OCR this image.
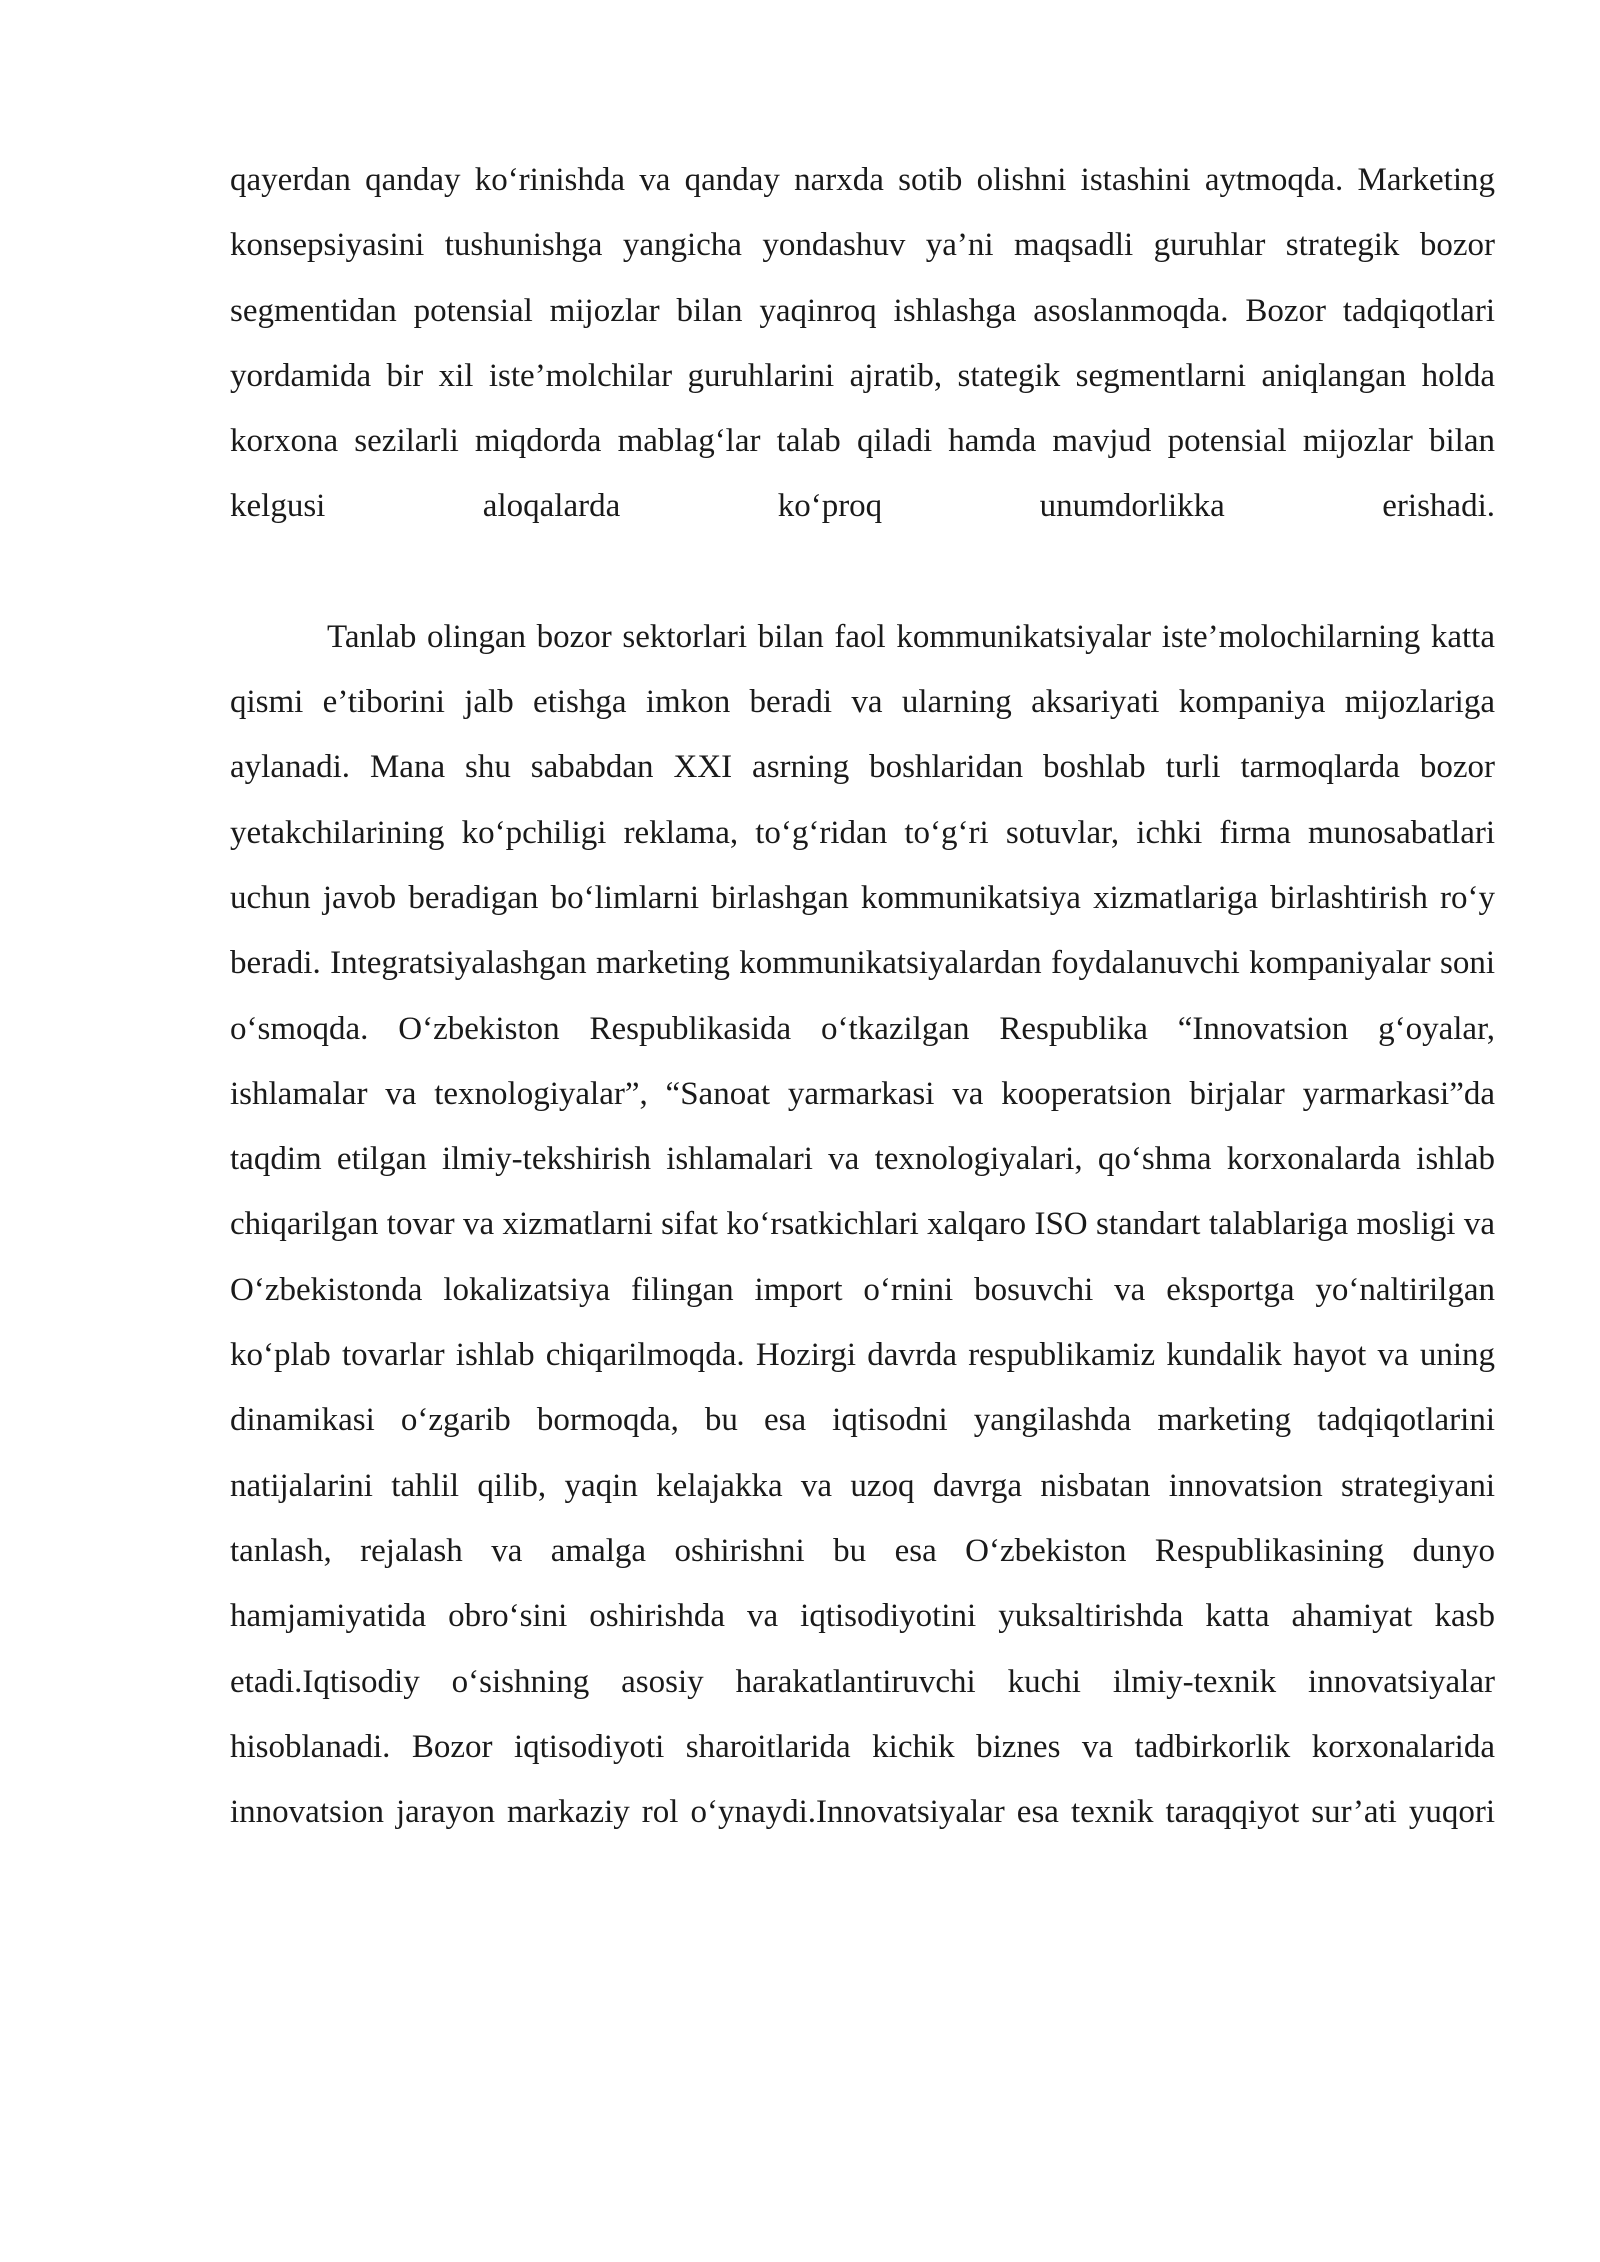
qayerdan qanday ko‘rinishda va qanday narxda sotib olishni istashini aytmoqda. Marketing konsepsiyasini tushunishga yangicha yondashuv ya’ni maqsadli guruhlar strategik bozor segmentidan potensial mijozlar bilan yaqinroq ishlashga asoslanmoqda. Bozor tadqiqotlari yordamida bir xil iste’molchilar guruhlarini ajratib, stategik segmentlarni aniqlangan holda korxona sezilarli miqdorda mablag‘lar talab qiladi hamda mavjud potensial mijozlar bilan kelgusi aloqalarda ko‘proq unumdorlikka erishadi.

Tanlab olingan bozor sektorlari bilan faol kommunikatsiyalar iste’molochilarning katta qismi e’tiborini jalb etishga imkon beradi va ularning aksariyati kompaniya mijozlariga aylanadi. Mana shu sababdan XXI asrning boshlaridan boshlab turli tarmoqlarda bozor yetakchilarining ko‘pchiligi reklama, to‘g‘ridan to‘g‘ri sotuvlar, ichki firma munosabatlari uchun javob beradigan bo‘limlarni birlashgan kommunikatsiya xizmatlariga birlashtirish ro‘y beradi. Integratsiyalashgan marketing kommunikatsiyalardan foydalanuvchi kompaniyalar soni o‘smoqda. O‘zbekiston Respublikasida o‘tkazilgan Respublika “Innovatsion g‘oyalar, ishlamalar va texnologiyalar”, “Sanoat yarmarkasi va kooperatsion birjalar yarmarkasi”da taqdim etilgan ilmiy-tekshirish ishlamalari va texnologiyalari, qo‘shma korxonalarda ishlab chiqarilgan tovar va xizmatlarni sifat ko‘rsatkichlari xalqaro ISO standart talablariga mosligi va O‘zbekistonda lokalizatsiya filingan import o‘rnini bosuvchi va eksportga yo‘naltirilgan ko‘plab tovarlar ishlab chiqarilmoqda. Hozirgi davrda respublikamiz kundalik hayot va uning dinamikasi o‘zgarib bormoqda, bu esa iqtisodni yangilashda marketing tadqiqotlarini natijalarini tahlil qilib, yaqin kelajakka va uzoq davrga nisbatan innovatsion strategiyani tanlash, rejalash va amalga oshirishni bu esa O‘zbekiston Respublikasining dunyo hamjamiyatida obro‘sini oshirishda va iqtisodiyotini yuksaltirishda katta ahamiyat kasb etadi.Iqtisodiy o‘sishning asosiy harakatlantiruvchi kuchi ilmiy-texnik innovatsiyalar hisoblanadi. Bozor iqtisodiyoti sharoitlarida kichik biznes va tadbirkorlik korxonalarida innovatsion jarayon markaziy rol o‘ynaydi.Innovatsiyalar esa texnik taraqqiyot sur’ati yuqori
